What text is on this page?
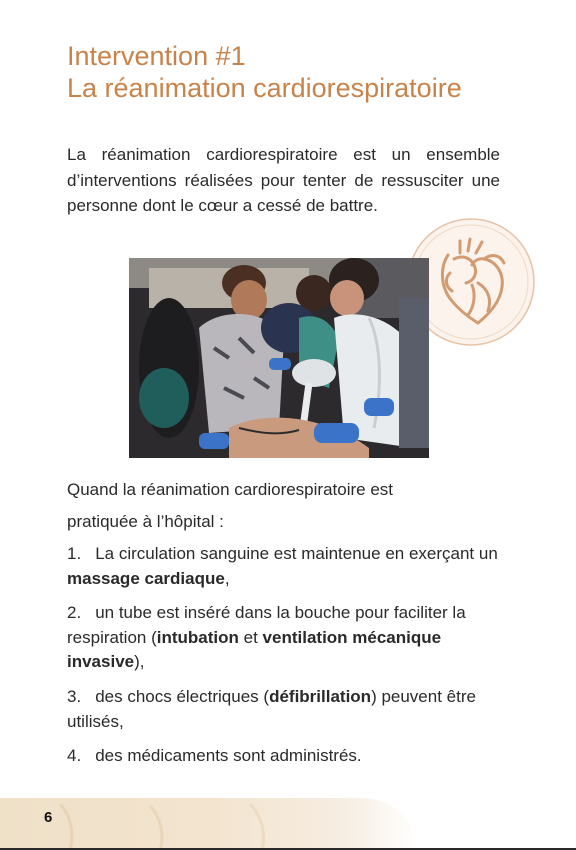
Intervention #1
La réanimation cardiorespiratoire

La réanimation cardiorespiratoire est un ensemble d’interventions réalisées pour tenter de ressusciter une personne dont le cœur a cessé de battre.

Quand la réanimation cardiorespiratoire est
pratiquée à l’hôpital :

1. La circulation sanguine est maintenue en exerçant un massage cardiaque,
2. un tube est inséré dans la bouche pour faciliter la respiration (intubation et ventilation mécanique invasive),
3. des chocs électriques (défibrillation) peuvent être utilisés,
4. des médicaments sont administrés.
6
